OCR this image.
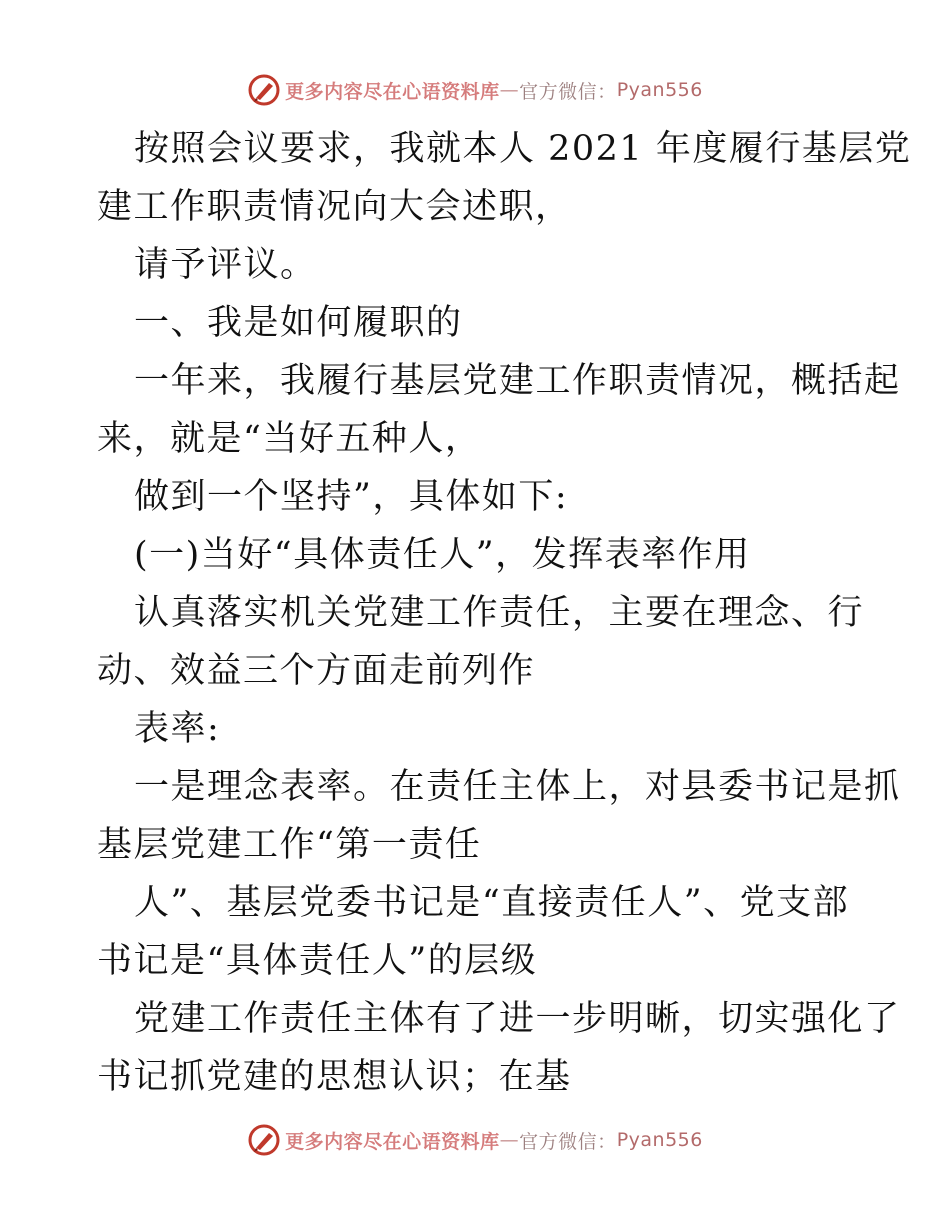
更多内容尽在心语资料库 — 官方微信： Pyan556
按照会议要求，我就本人 2021 年度履行基层党
建工作职责情况向大会述职，
请予评议。
一、我是如何履职的
一年来，我履行基层党建工作职责情况，概括起
来，就是“当好五种人，
做到一个坚持”，具体如下:
(一)当好“具体责任人”，发挥表率作用
认真落实机关党建工作责任，主要在理念、行
动、效益三个方面走前列作
表率:
一是理念表率。在责任主体上，对县委书记是抓
基层党建工作“第一责任
人”、基层党委书记是“直接责任人”、党支部
书记是“具体责任人”的层级
党建工作责任主体有了进一步明晰，切实强化了
书记抓党建的思想认识；在基
更多内容尽在心语资料库 — 官方微信： Pyan556
